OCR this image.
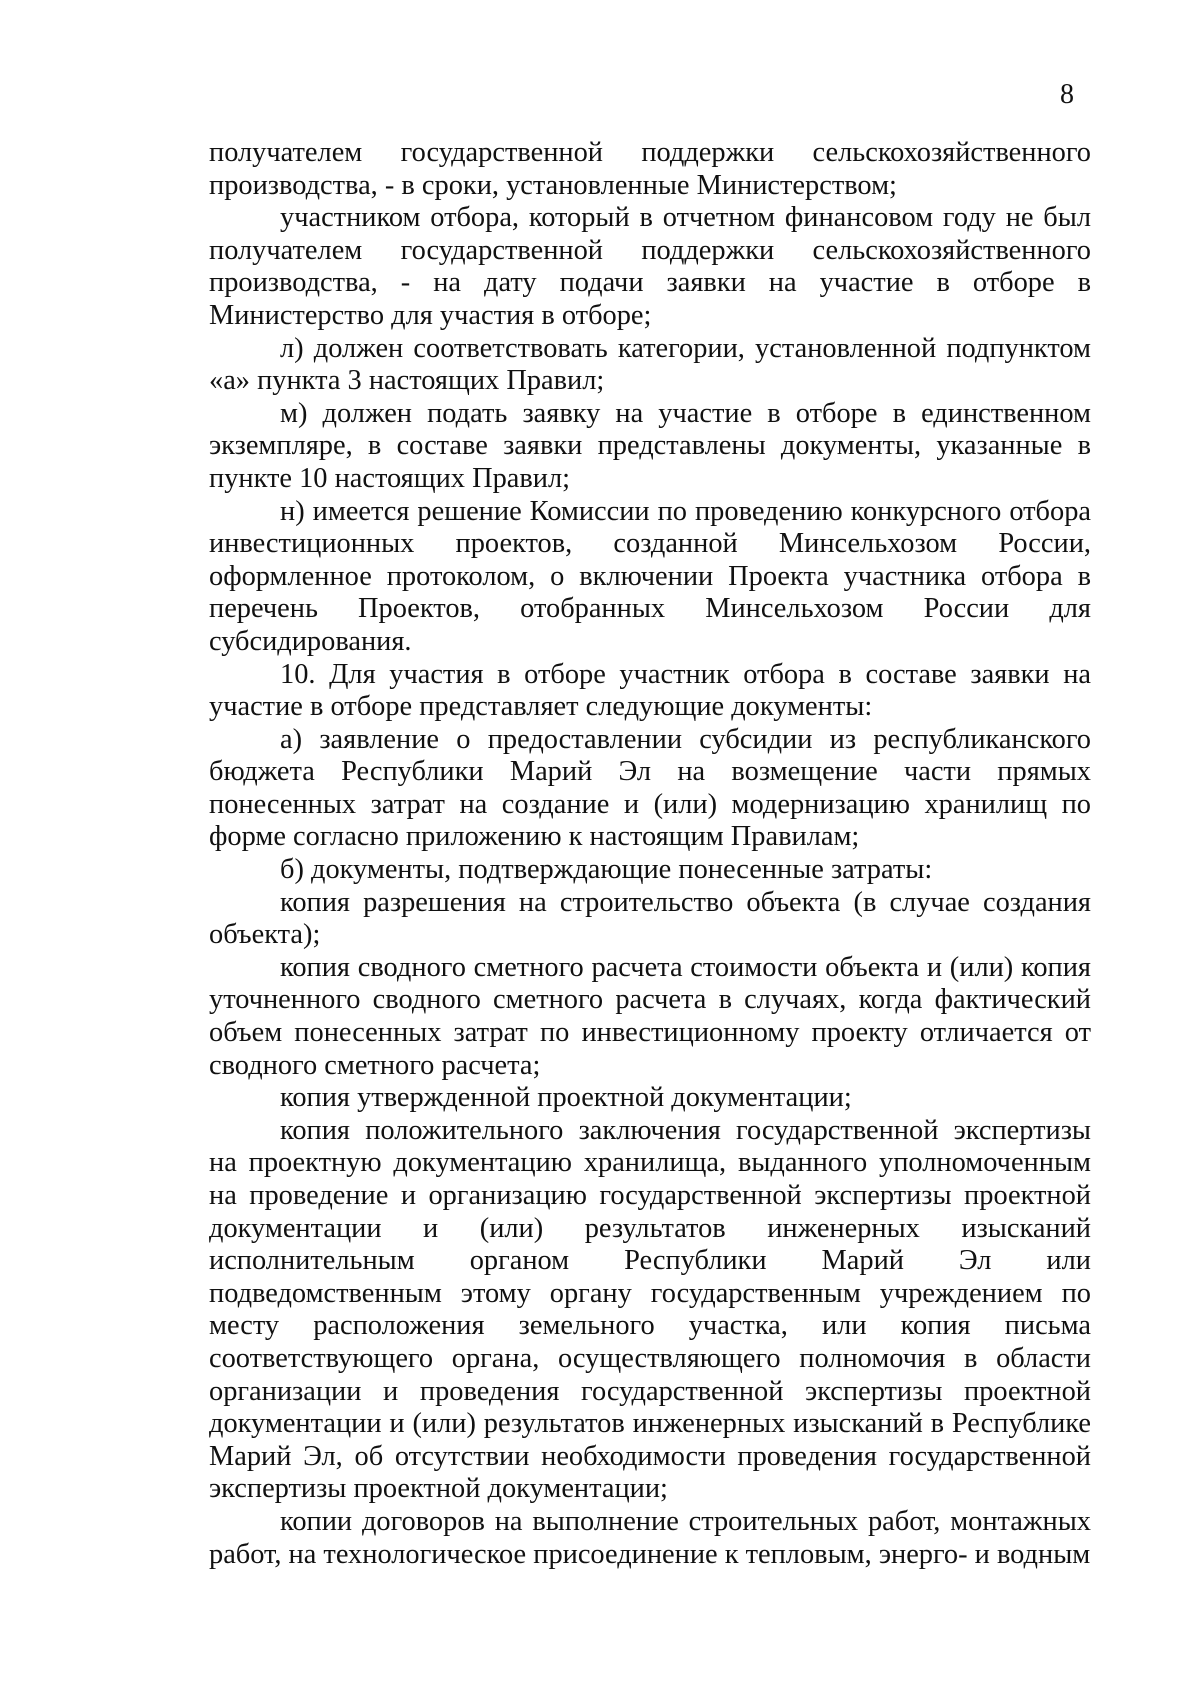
8

получателем государственной поддержки сельскохозяйственного производства, - в сроки, установленные Министерством;

участником отбора, который в отчетном финансовом году не был получателем государственной поддержки сельскохозяйственного производства, - на дату подачи заявки на участие в отборе в Министерство для участия в отборе;

л) должен соответствовать категории, установленной подпунктом «а» пункта 3 настоящих Правил;

м) должен подать заявку на участие в отборе в единственном экземпляре, в составе заявки представлены документы, указанные в пункте 10 настоящих Правил;

н) имеется решение Комиссии по проведению конкурсного отбора инвестиционных проектов, созданной Минсельхозом России, оформленное протоколом, о включении Проекта участника отбора в перечень Проектов, отобранных Минсельхозом России для субсидирования.

10. Для участия в отборе участник отбора в составе заявки на участие в отборе представляет следующие документы:

а) заявление о предоставлении субсидии из республиканского бюджета Республики Марий Эл на возмещение части прямых понесенных затрат на создание и (или) модернизацию хранилищ по форме согласно приложению к настоящим Правилам;

б) документы, подтверждающие понесенные затраты:

копия разрешения на строительство объекта (в случае создания объекта);

копия сводного сметного расчета стоимости объекта и (или) копия уточненного сводного сметного расчета в случаях, когда фактический объем понесенных затрат по инвестиционному проекту отличается от сводного сметного расчета;

копия утвержденной проектной документации;

копия положительного заключения государственной экспертизы на проектную документацию хранилища, выданного уполномоченным на проведение и организацию государственной экспертизы проектной документации и (или) результатов инженерных изысканий исполнительным органом Республики Марий Эл или подведомственным этому органу государственным учреждением по месту расположения земельного участка, или копия письма соответствующего органа, осуществляющего полномочия в области организации и проведения государственной экспертизы проектной документации и (или) результатов инженерных изысканий в Республике Марий Эл, об отсутствии необходимости проведения государственной экспертизы проектной документации;

копии договоров на выполнение строительных работ, монтажных работ, на технологическое присоединение к тепловым, энерго- и водным
